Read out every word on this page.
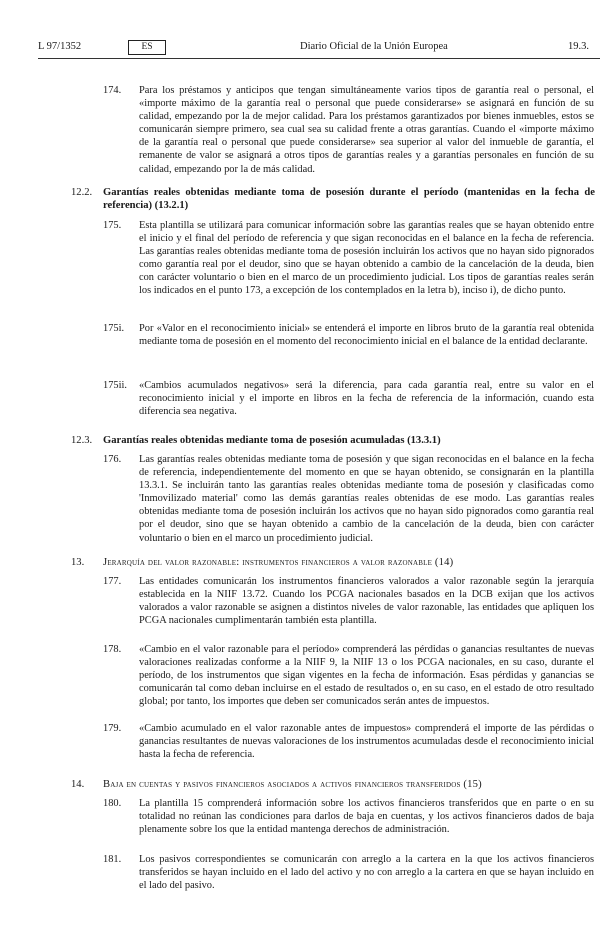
L 97/1352	ES	Diario Oficial de la Unión Europea	19.3.
174. Para los préstamos y anticipos que tengan simultáneamente varios tipos de garantía real o personal, el «importe máximo de la garantía real o personal que puede considerarse» se asignará en función de su calidad, empezando por la de mejor calidad. Para los préstamos garantizados por bienes inmuebles, estos se comunicarán siempre primero, sea cual sea su calidad frente a otras garantías. Cuando el «importe máximo de la garantía real o personal que puede considerarse» sea superior al valor del inmueble de garantía, el remanente de valor se asignará a otros tipos de garantías reales y a garantías personales en función de su calidad, empezando por la de más calidad.
12.2. Garantías reales obtenidas mediante toma de posesión durante el período (mantenidas en la fecha de referencia) (13.2.1)
175. Esta plantilla se utilizará para comunicar información sobre las garantías reales que se hayan obtenido entre el inicio y el final del período de referencia y que sigan reconocidas en el balance en la fecha de referencia. Las garantías reales obtenidas mediante toma de posesión incluirán los activos que no hayan sido pignorados como garantía real por el deudor, sino que se hayan obtenido a cambio de la cancelación de la deuda, bien con carácter voluntario o bien en el marco de un procedimiento judicial. Los tipos de garantías reales serán los indicados en el punto 173, a excepción de los contemplados en la letra b), inciso i), de dicho punto.
175i. Por «Valor en el reconocimiento inicial» se entenderá el importe en libros bruto de la garantía real obtenida mediante toma de posesión en el momento del reconocimiento inicial en el balance de la entidad declarante.
175ii. «Cambios acumulados negativos» será la diferencia, para cada garantía real, entre su valor en el reconocimiento inicial y el importe en libros en la fecha de referencia de la información, cuando esta diferencia sea negativa.
12.3. Garantías reales obtenidas mediante toma de posesión acumuladas (13.3.1)
176. Las garantías reales obtenidas mediante toma de posesión y que sigan reconocidas en el balance en la fecha de referencia, independientemente del momento en que se hayan obtenido, se consignarán en la plantilla 13.3.1. Se incluirán tanto las garantías reales obtenidas mediante toma de posesión y clasificadas como 'Inmovilizado material' como las demás garantías reales obtenidas de ese modo. Las garantías reales obtenidas mediante toma de posesión incluirán los activos que no hayan sido pignorados como garantía real por el deudor, sino que se hayan obtenido a cambio de la cancelación de la deuda, bien con carácter voluntario o bien en el marco un procedimiento judicial.
13. Jerarquía del valor razonable: instrumentos financieros a valor razonable (14)
177. Las entidades comunicarán los instrumentos financieros valorados a valor razonable según la jerarquía establecida en la NIIF 13.72. Cuando los PCGA nacionales basados en la DCB exijan que los activos valorados a valor razonable se asignen a distintos niveles de valor razonable, las entidades que apliquen los PCGA nacionales cumplimentarán también esta plantilla.
178. «Cambio en el valor razonable para el período» comprenderá las pérdidas o ganancias resultantes de nuevas valoraciones realizadas conforme a la NIIF 9, la NIIF 13 o los PCGA nacionales, en su caso, durante el período, de los instrumentos que sigan vigentes en la fecha de información. Esas pérdidas y ganancias se comunicarán tal como deban incluirse en el estado de resultados o, en su caso, en el estado de otro resultado global; por tanto, los importes que deben ser comunicados serán antes de impuestos.
179. «Cambio acumulado en el valor razonable antes de impuestos» comprenderá el importe de las pérdidas o ganancias resultantes de nuevas valoraciones de los instrumentos acumuladas desde el reconocimiento inicial hasta la fecha de referencia.
14. Baja en cuentas y pasivos financieros asociados a activos financieros transferidos (15)
180. La plantilla 15 comprenderá información sobre los activos financieros transferidos que en parte o en su totalidad no reúnan las condiciones para darlos de baja en cuentas, y los activos financieros dados de baja plenamente sobre los que la entidad mantenga derechos de administración.
181. Los pasivos correspondientes se comunicarán con arreglo a la cartera en la que los activos financieros transferidos se hayan incluido en el lado del activo y no con arreglo a la cartera en que se hayan incluido en el lado del pasivo.
